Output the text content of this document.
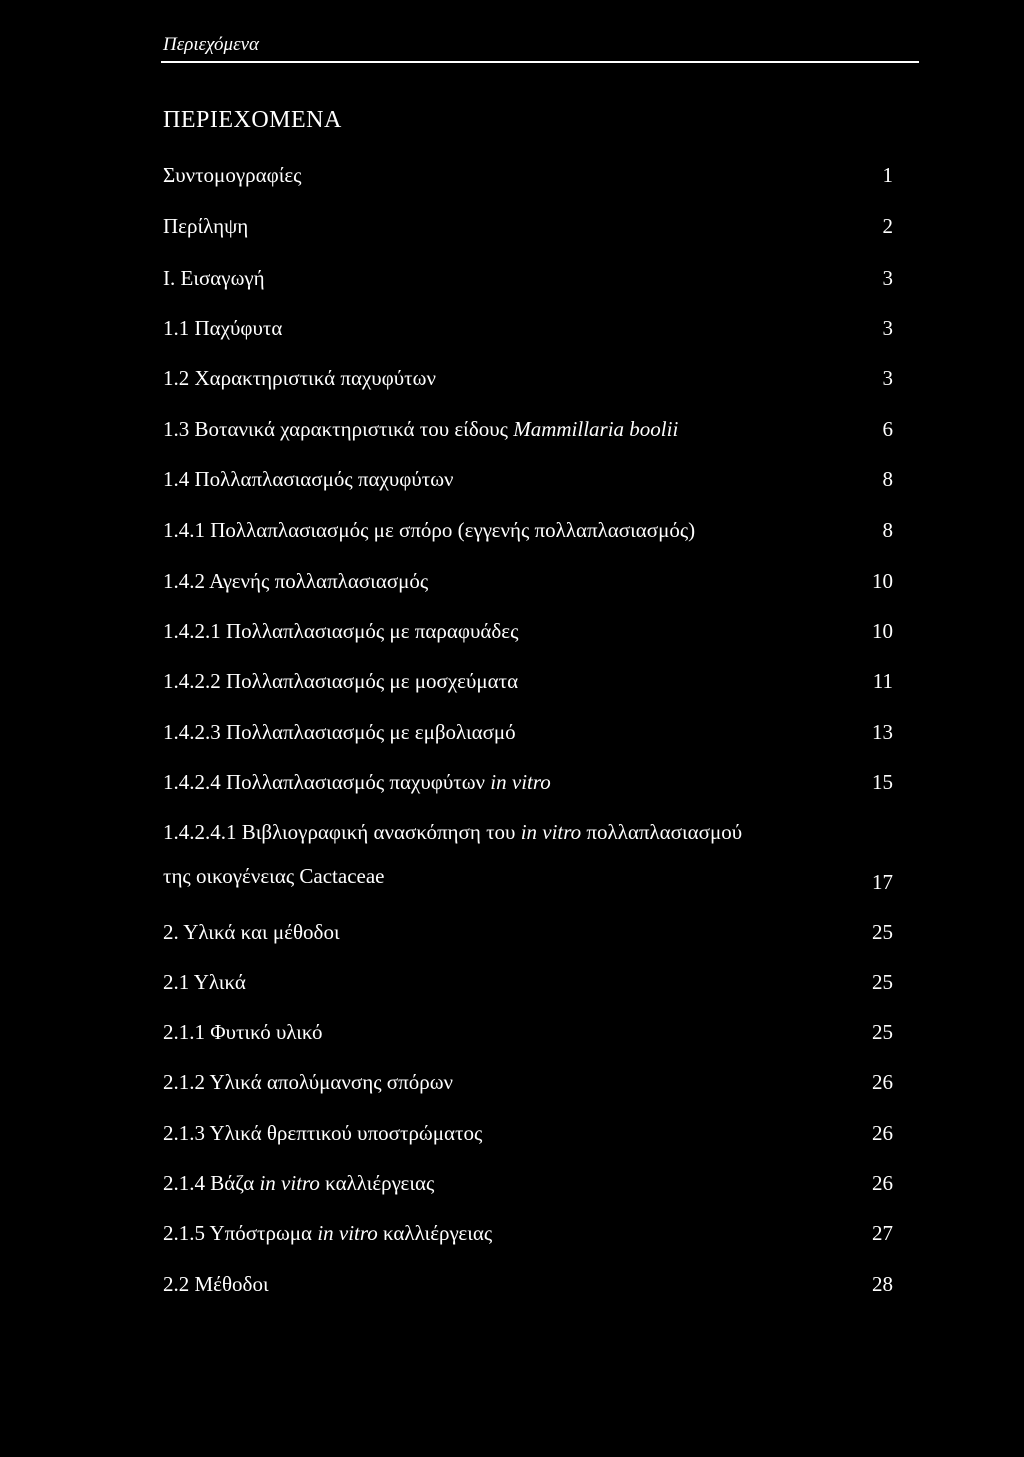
Περιεχόμενα
ΠΕΡΙΕΧΟΜΕΝΑ
Συντομογραφίες	1
Περίληψη	2
Ι. Εισαγωγή	3
1.1 Παχύφυτα	3
1.2 Χαρακτηριστικά παχυφύτων	3
1.3 Βοτανικά χαρακτηριστικά του είδους Mammillaria boolii	6
1.4 Πολλαπλασιασμός παχυφύτων	8
1.4.1 Πολλαπλασιασμός με σπόρο (εγγενής πολλαπλασιασμός)	8
1.4.2 Αγενής πολλαπλασιασμός	10
1.4.2.1 Πολλαπλασιασμός με παραφυάδες	10
1.4.2.2 Πολλαπλασιασμός με μοσχεύματα	11
1.4.2.3 Πολλαπλασιασμός με εμβολιασμό	13
1.4.2.4 Πολλαπλασιασμός παχυφύτων in vitro	15
1.4.2.4.1 Βιβλιογραφική ανασκόπηση του in vitro πολλαπλασιασμού
της οικογένειας Cactaceae	17
2. Υλικά και μέθοδοι	25
2.1 Υλικά	25
2.1.1 Φυτικό υλικό	25
2.1.2 Υλικά απολύμανσης σπόρων	26
2.1.3 Υλικά θρεπτικού υποστρώματος	26
2.1.4 Βάζα in vitro καλλιέργειας	26
2.1.5 Υπόστρωμα in vitro καλλιέργειας	27
2.2 Μέθοδοι	28
